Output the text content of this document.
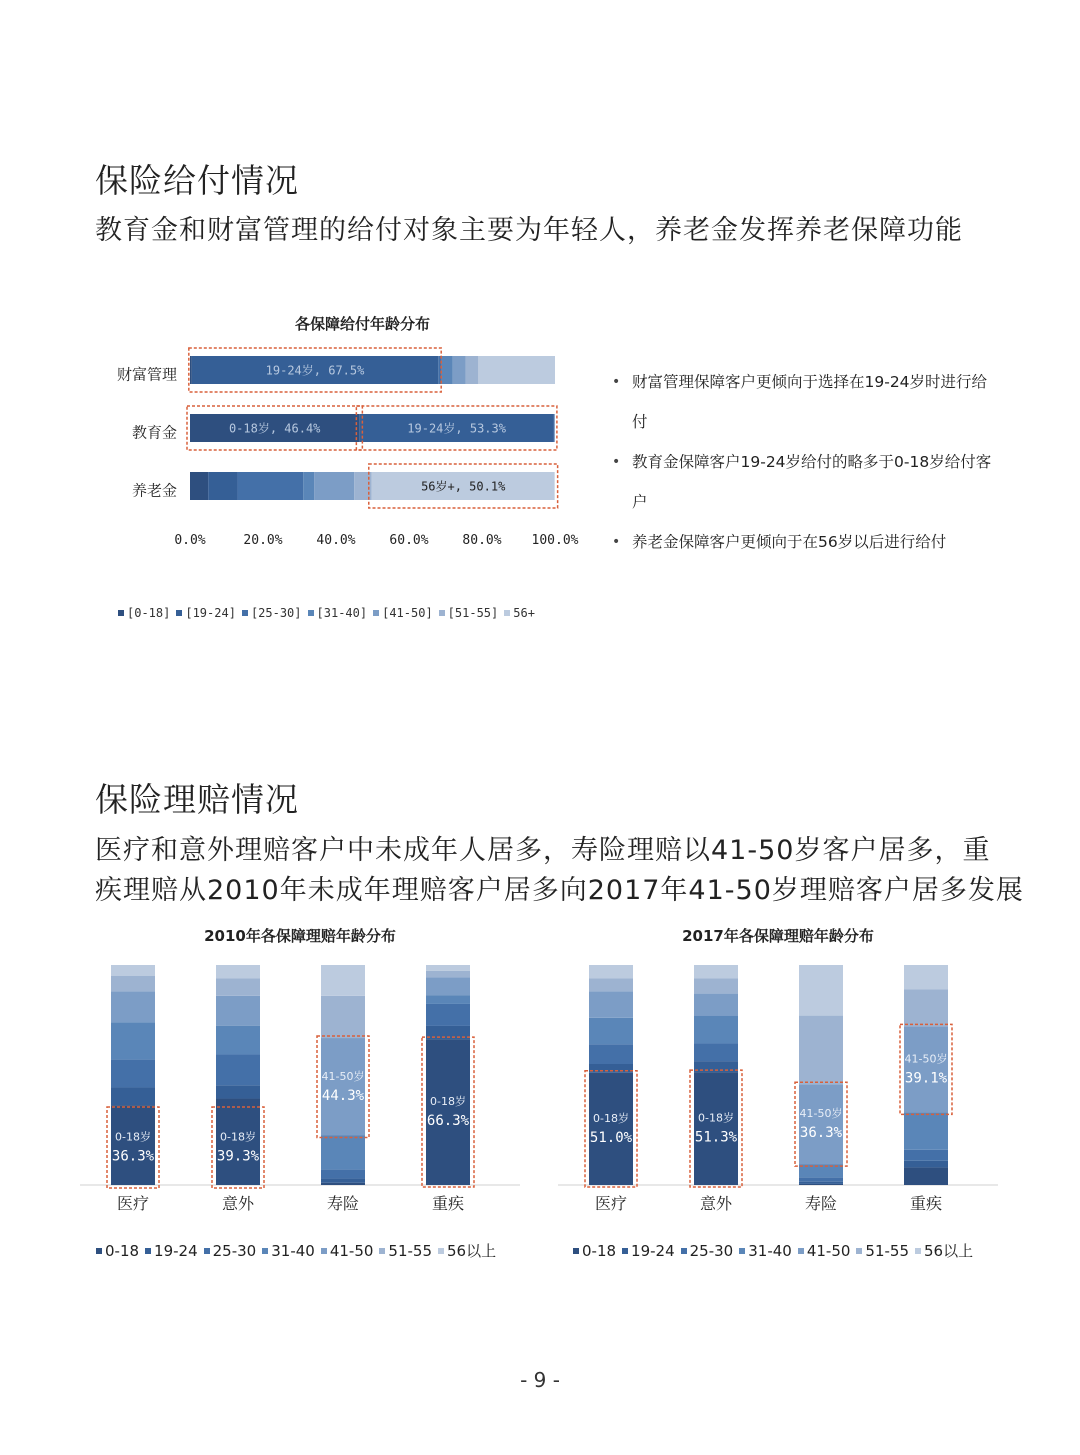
保险给付情况
教育金和财富管理的给付对象主要为年轻人，养老金发挥养老保障功能
各保障给付年龄分布
财富管理
教育金
养老金
19-24岁, 67.5%
0-18岁, 46.4%	19-24岁, 53.3%
56岁+, 50.1%
0.0%	20.0%	40.0%	60.0%	80.0% 100.0%
[0-18] [19-24] [25-30] [31-40] [41-50] [51-55] 56+
• 财富管理保障客户更倾向于选择在19-24岁时进行给付
• 教育金保障客户19-24岁给付的略多于0-18岁给付客户
• 养老金保障客户更倾向于在56岁以后进行给付
保险理赔情况
医疗和意外理赔客户中未成年人居多，寿险理赔以41-50岁客户居多，重
疾理赔从2010年未成年理赔客户居多向2017年41-50岁理赔客户居多发展
2010年各保障理赔年龄分布
医疗	意外	寿险	重疾
0-18岁
36.3%
0-18岁
39.3%
41-50岁
44.3%	0-18岁
66.3%
0-18 19-24 25-30 31-40 41-50 51-55 56以上
2017年各保障理赔年龄分布
医疗	意外	寿险	重疾
0-18岁
51.0%
0-18岁
51.3%
41-50岁
36.3%
41-50岁
39.1%
0-18 19-24 25-30 31-40 41-50 51-55 56以上
- 9 -
